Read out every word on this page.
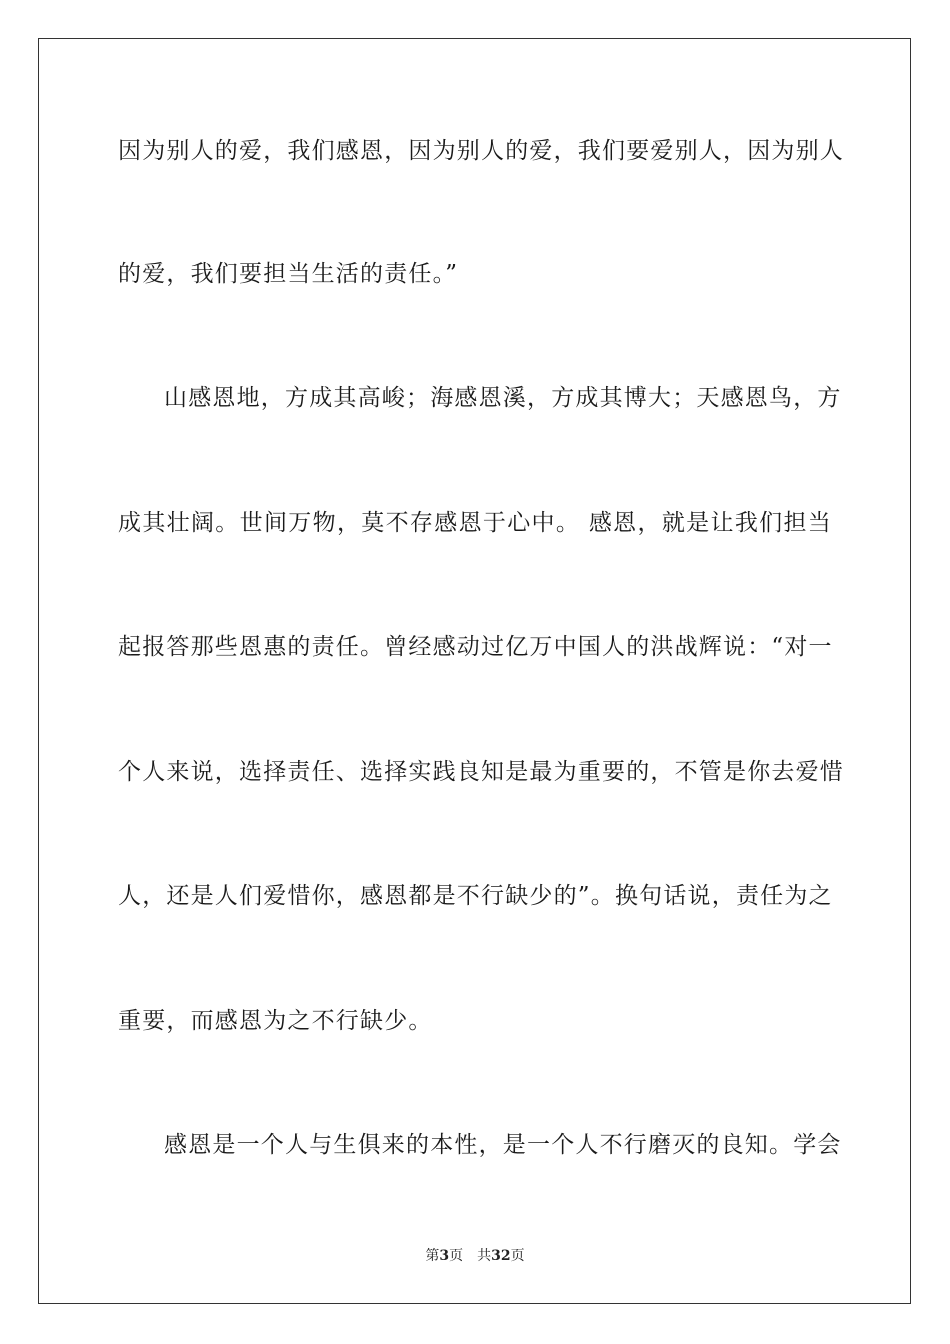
因为别人的爱，我们感恩，因为别人的爱，我们要爱别人，因为别人
的爱，我们要担当生活的责任。”
山感恩地，方成其高峻；海感恩溪，方成其博大；天感恩鸟，方
成其壮阔。世间万物，莫不存感恩于心中。 感恩，就是让我们担当
起报答那些恩惠的责任。曾经感动过亿万中国人的洪战辉说：“对一
个人来说，选择责任、选择实践良知是最为重要的，不管是你去爱惜
人，还是人们爱惜你，感恩都是不行缺少的”。换句话说，责任为之
重要，而感恩为之不行缺少。
感恩是一个人与生俱来的本性，是一个人不行磨灭的良知。学会
第3页 共32页
